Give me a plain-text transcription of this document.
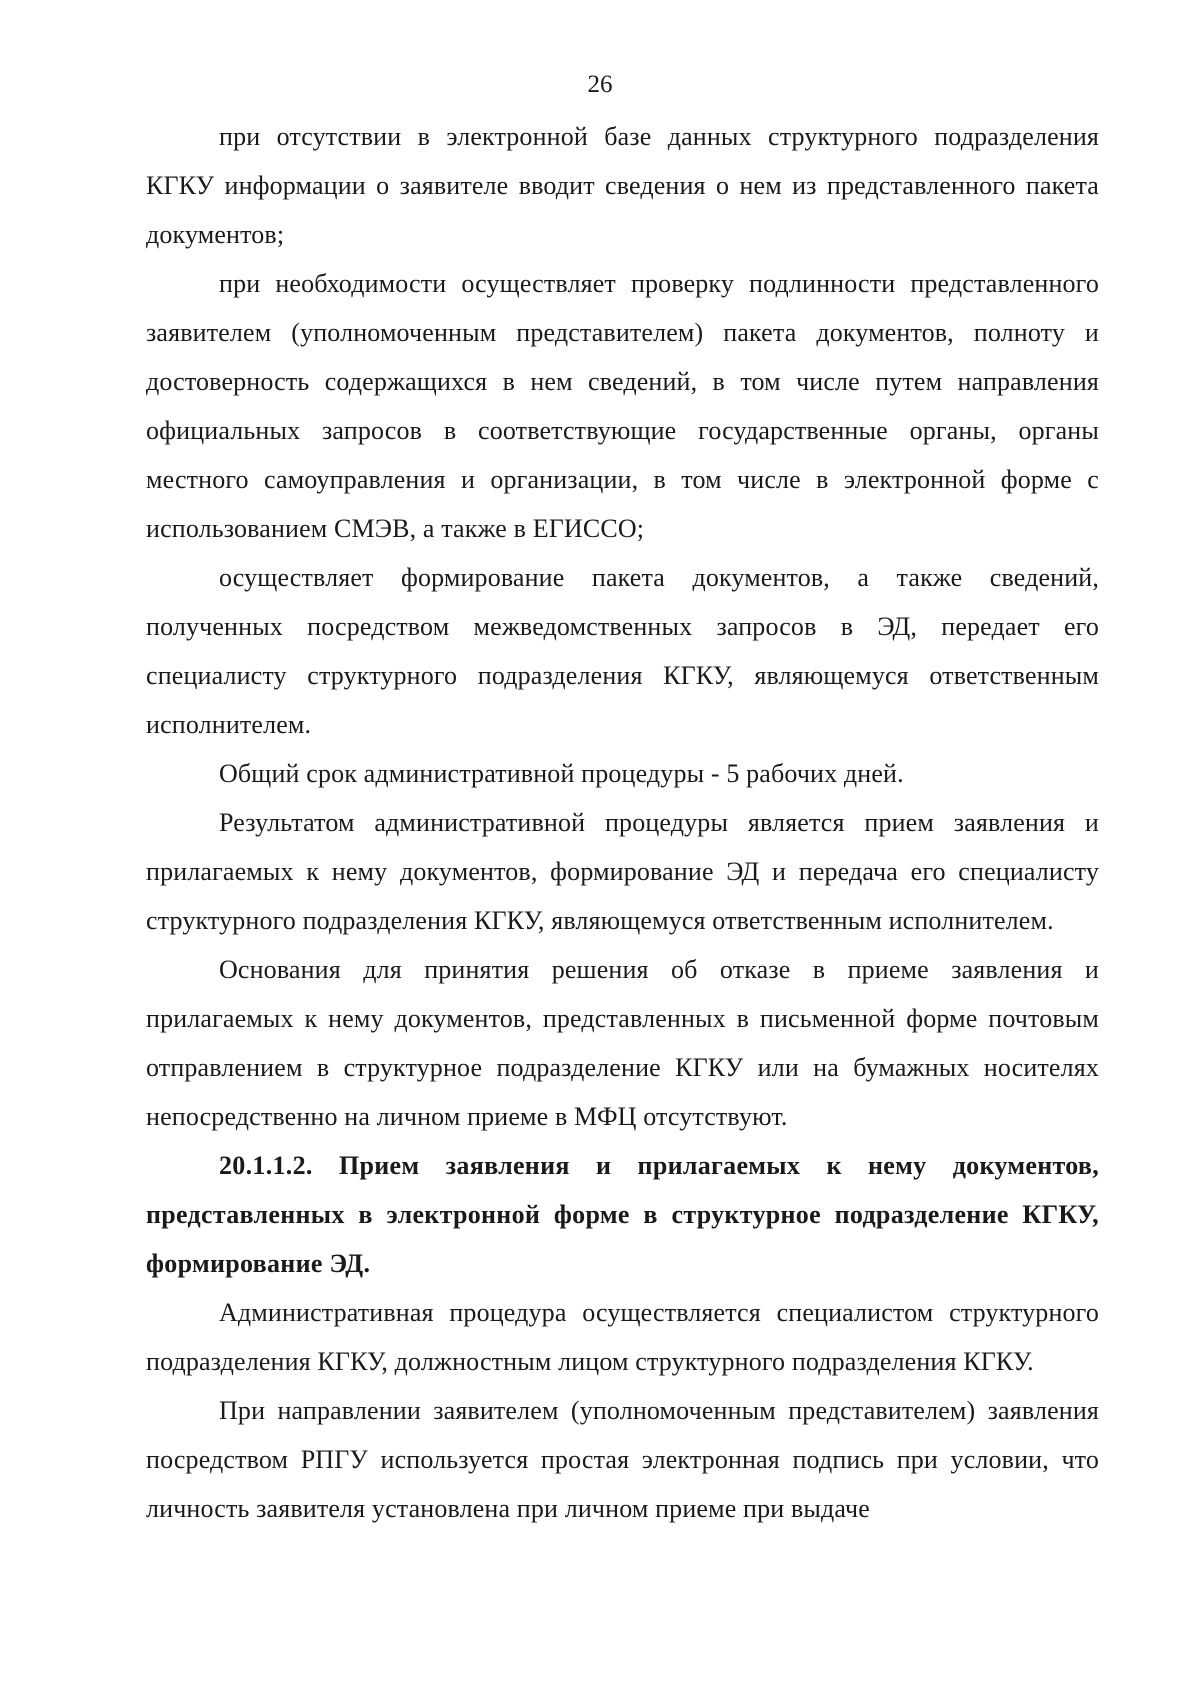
26

при отсутствии в электронной базе данных структурного подразделения КГКУ информации о заявителе вводит сведения о нем из представленного пакета документов;

при необходимости осуществляет проверку подлинности представленного заявителем (уполномоченным представителем) пакета документов, полноту и достоверность содержащихся в нем сведений, в том числе путем направления официальных запросов в соответствующие государственные органы, органы местного самоуправления и организации, в том числе в электронной форме с использованием СМЭВ, а также в ЕГИССО;

осуществляет формирование пакета документов, а также сведений, полученных посредством межведомственных запросов в ЭД, передает его специалисту структурного подразделения КГКУ, являющемуся ответственным исполнителем.

Общий срок административной процедуры - 5 рабочих дней.

Результатом административной процедуры является прием заявления и прилагаемых к нему документов, формирование ЭД и передача его специалисту структурного подразделения КГКУ, являющемуся ответственным исполнителем.

Основания для принятия решения об отказе в приеме заявления и прилагаемых к нему документов, представленных в письменной форме почтовым отправлением в структурное подразделение КГКУ или на бумажных носителях непосредственно на личном приеме в МФЦ отсутствуют.

20.1.1.2. Прием заявления и прилагаемых к нему документов, представленных в электронной форме в структурное подразделение КГКУ, формирование ЭД.

Административная процедура осуществляется специалистом структурного подразделения КГКУ, должностным лицом структурного подразделения КГКУ.

При направлении заявителем (уполномоченным представителем) заявления посредством РПГУ используется простая электронная подпись при условии, что личность заявителя установлена при личном приеме при выдаче
